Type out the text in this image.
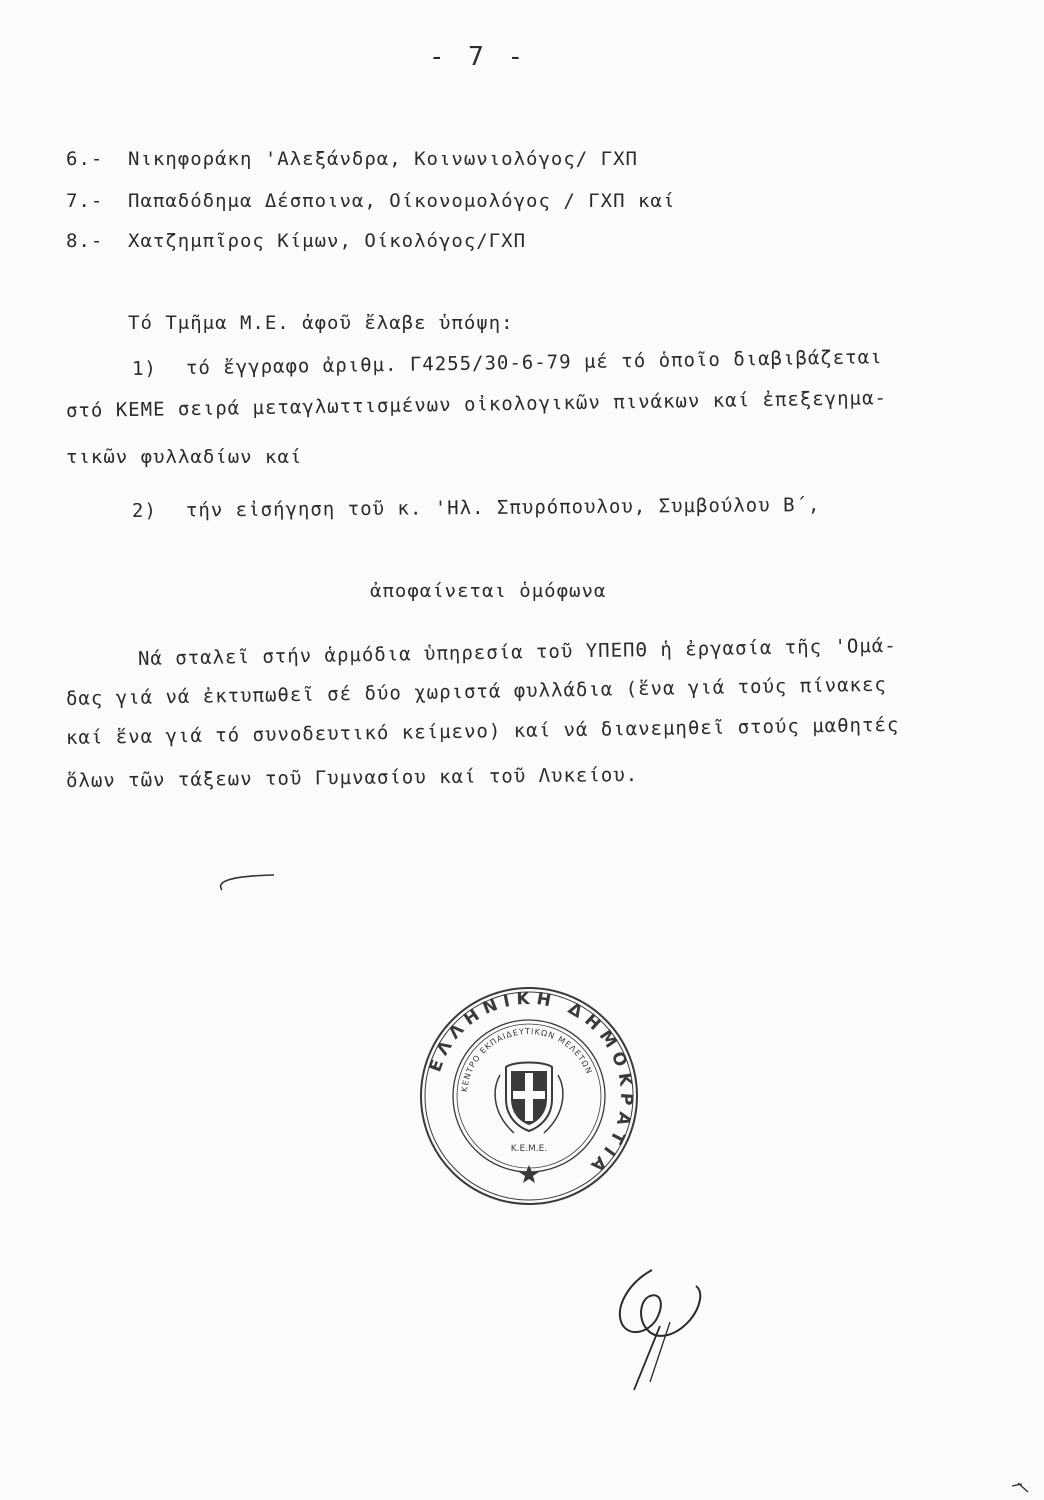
- 7 -
6.- Νικηφοράκη 'Αλεξάνδρα, Κοινωνιολόγος/ ΓΧΠ
7.- Παπαδόδημα Δέσποινα, Οίκονομολόγος / ΓΧΠ καί
8.- Χατζημπῖρος Κίμων, Οίκολόγος/ΓΧΠ
Τό Τμῆμα Μ.Ε. ἀφοῦ ἔλαβε ὑπόψη:
1) τό ἔγγραφο ἀριθμ. Γ4255/30-6-79 μέ τό ὁποῖο διαβιβάζεται
στό ΚΕΜΕ σειρά μεταγλωττισμένων οἰκολογικῶν πινάκων καί ἐπεξεγημα-
τικῶν φυλλαδίων καί
2) τήν εἰσήγηση τοῦ κ. 'Ηλ. Σπυρόπουλου, Συμβούλου Β΄,
ἀποφαίνεται ὁμόφωνα
Νά σταλεῖ στήν ἁρμόδια ὑπηρεσία τοῦ ΥΠΕΠΘ ἡ ἐργασία τῆς 'Ομά-
δας γιά νά ἐκτυπωθεῖ σέ δύο χωριστά φυλλάδια (ἕνα γιά τούς πίνακες
καί ἕνα γιά τό συνοδευτικό κείμενο) καί νά διανεμηθεῖ στούς μαθητές
ὅλων τῶν τάξεων τοῦ Γυμνασίου καί τοῦ Λυκείου.
ΕΛΛΗΝΙΚΗ ΔΗΜΟΚΡΑΤΙΑ
ΚΕΝΤΡΟ ΕΚΠΑΙΔΕΥΤΙΚΩΝ ΜΕΛΕΤΩΝ
Κ.Ε.Μ.Ε.
